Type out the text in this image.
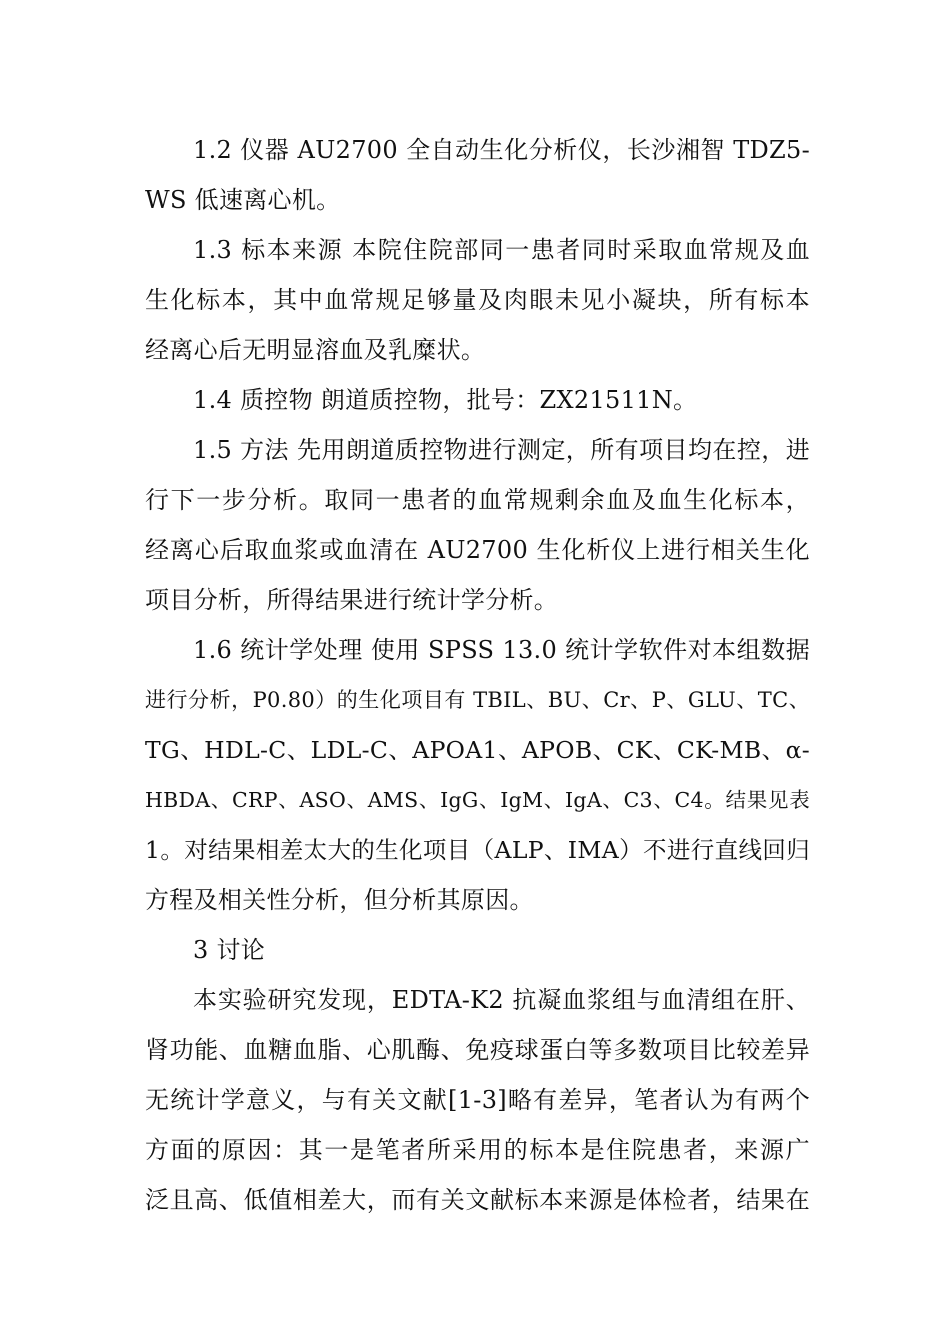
1.2 仪器 AU2700 全自动生化分析仪，长沙湘智 TDZ5-
WS 低速离心机。
1.3 标本来源 本院住院部同一患者同时采取血常规及血
生化标本，其中血常规足够量及肉眼未见小凝块，所有标本
经离心后无明显溶血及乳糜状。
1.4 质控物 朗道质控物，批号：ZX21511N。
1.5 方法 先用朗道质控物进行测定，所有项目均在控，进
行下一步分析。取同一患者的血常规剩余血及血生化标本，
经离心后取血浆或血清在 AU2700 生化析仪上进行相关生化
项目分析，所得结果进行统计学分析。
1.6 统计学处理 使用 SPSS 13.0 统计学软件对本组数据
进行分析，P0.80）的生化项目有 TBIL、BU、Cr、P、GLU、TC、
TG、HDL-C、LDL-C、APOA1、APOB、CK、CK-MB、α-
HBDA、CRP、ASO、AMS、IgG、IgM、IgA、C3、C4。结果见表
1。对结果相差太大的生化项目（ALP、IMA）不进行直线回归
方程及相关性分析，但分析其原因。
3 讨论
本实验研究发现，EDTA-K2 抗凝血浆组与血清组在肝、
肾功能、血糖血脂、心肌酶、免疫球蛋白等多数项目比较差异
无统计学意义，与有关文献[1-3]略有差异，笔者认为有两个
方面的原因：其一是笔者所采用的标本是住院患者，来源广
泛且高、低值相差大，而有关文献标本来源是体检者，结果在
